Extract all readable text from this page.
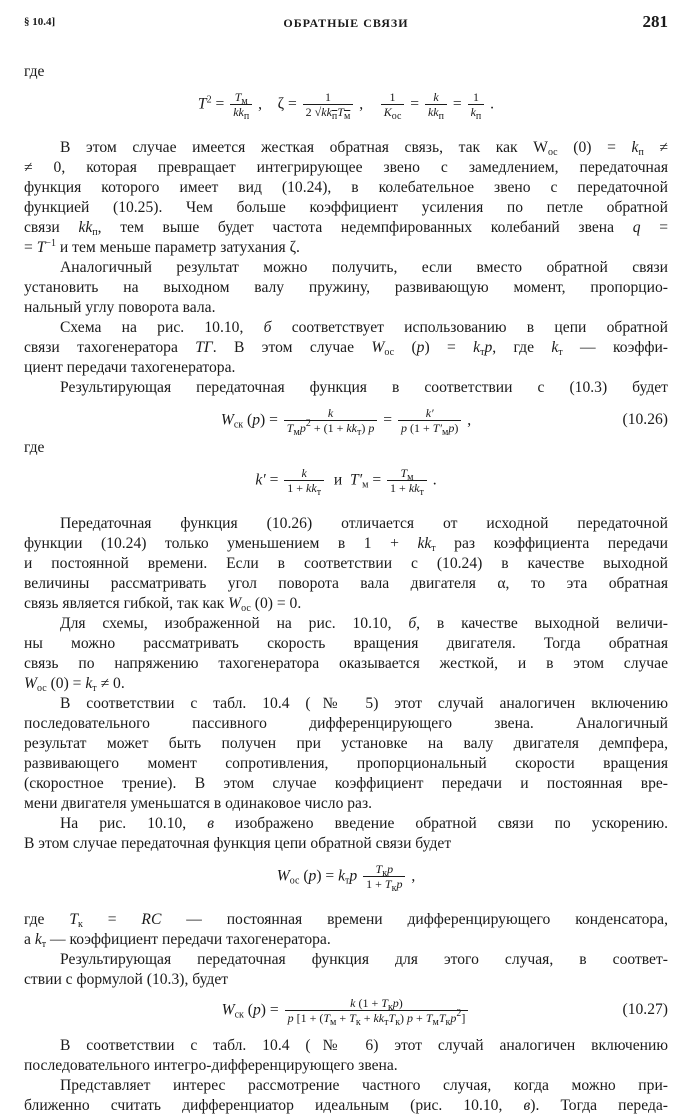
§ 10.4]	ОБРАТНЫЕ СВЯЗИ	281
где
$T^2 = \frac{T_м}{kk_п}$ ,    $\zeta = \frac{1}{2 √kk_пT_м}$ , $\frac{1}{K_{ос}} = \frac{k}{kk_п} = \frac{1}{k_п}$ .
В этом случае имеется жесткая обратная связь, так как $W_{ос}$ $(0) = k_п$ ≠
≠ 0, которая превращает интегрирующее звено с замедлением, передаточная
функция которого имеет вид (10.24), в колебательное звено с передаточной
функцией (10.25). Чем больше коэффициент усиления по петле обратной
связи $kk_п$, тем выше будет частота недемпфированных колебаний звена q =
= $T^{-1}$ и тем меньше параметр затухания ζ.
Аналогичный результат можно получить, если вместо обратной связи
установить на выходном валу пружину, развивающую момент, пропорцио-
нальный углу поворота вала.
Схема на рис. 10.10, б соответствует использованию в цепи обратной
связи тахогенератора ТГ. В этом случае $W_{ос}$ $(p) = k_тp$, где $k_т$ — коэффи-
циент передачи тахогенератора.
Результирующая передаточная функция в соответствии с (10.3) будет
$W_{ск}$ $(p) = \frac{k}{T_мp^2 + (1 + kk_т) p} = \frac{k'}{p (1 + T'_мp)}$ ,	(10.26)
где
$k' = \frac{k}{1 + kk_т}$ и  $T'_м = \frac{T_м}{1 + kk_т}$ .
Передаточная функция (10.26) отличается от исходной передаточной
функции (10.24) только уменьшением в $1 + kk_т$ раз коэффициента передачи
и постоянной времени. Если в соответствии с (10.24) в качестве выходной
величины рассматривать угол поворота вала двигателя α, то эта обратная
связь является гибкой, так как $W_{ос}$ (0) = 0.
Для схемы, изображенной на рис. 10.10, б, в качестве выходной величи-
ны можно рассматривать скорость вращения двигателя. Тогда обратная
связь по напряжению тахогенератора оказывается жесткой, и в этом случае
$W_{ос}$ $(0) = k_т \ne 0$.
В соответствии с табл. 10.4 (№ 5) этот случай аналогичен включению
последовательного пассивного дифференцирующего звена. Аналогичный
результат может быть получен при установке на валу двигателя демпфера,
развивающего момент сопротивления, пропорциональный скорости вращения
(скоростное трение). В этом случае коэффициент передачи и постоянная вре-
мени двигателя уменьшатся в одинаковое число раз.
На рис. 10.10, в изображено введение обратной связи по ускорению.
В этом случае передаточная функция цепи обратной связи будет
$W_{ос}$ $(p) = k_тp \frac{T_кp}{1 + T_кp}$ ,
где $T_к$ = RC — постоянная времени дифференцирующего конденсатора,
а $k_т$ — коэффициент передачи тахогенератора.
Результирующая передаточная функция для этого случая, в соответ-
ствии с формулой (10.3), будет
$W_{ск}$ $(p) = \frac{k (1 + T_кp)}{p [1 + (T_м + T_к + kk_тT_к) p + T_мT_кp^2]}$	(10.27)
В соответствии с табл. 10.4 (№ 6) этот случай аналогичен включению
последовательного интегро-дифференцирующего звена.
Представляет интерес рассмотрение частного случая, когда можно при-
ближенно считать дифференциатор идеальным (рис. 10.10, в). Тогда переда-
